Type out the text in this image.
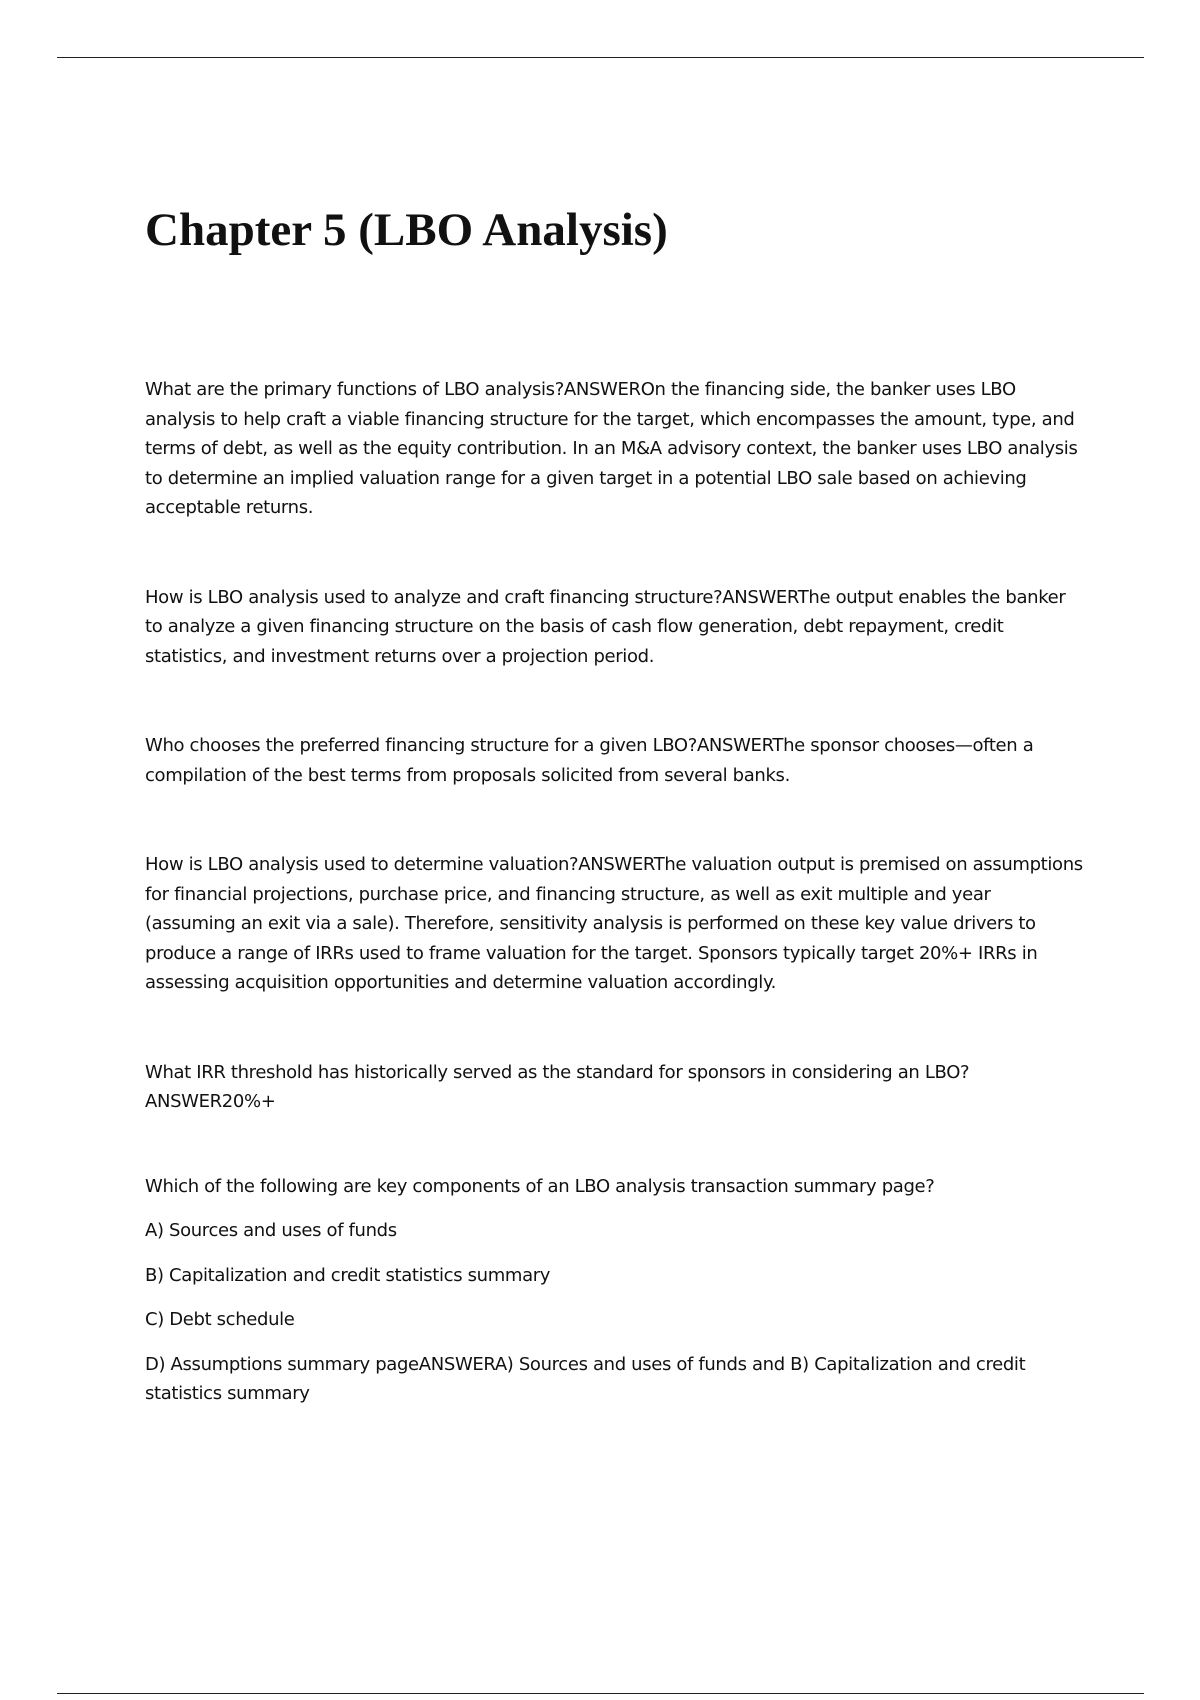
Chapter 5 (LBO Analysis)

What are the primary functions of LBO analysis?ANSWEROn the financing side, the banker uses LBO analysis to help craft a viable financing structure for the target, which encompasses the amount, type, and terms of debt, as well as the equity contribution. In an M&A advisory context, the banker uses LBO analysis to determine an implied valuation range for a given target in a potential LBO sale based on achieving acceptable returns.

How is LBO analysis used to analyze and craft financing structure?ANSWERThe output enables the banker to analyze a given financing structure on the basis of cash flow generation, debt repayment, credit statistics, and investment returns over a projection period.

Who chooses the preferred financing structure for a given LBO?ANSWERThe sponsor chooses—often a compilation of the best terms from proposals solicited from several banks.

How is LBO analysis used to determine valuation?ANSWERThe valuation output is premised on assumptions for financial projections, purchase price, and financing structure, as well as exit multiple and year (assuming an exit via a sale). Therefore, sensitivity analysis is performed on these key value drivers to produce a range of IRRs used to frame valuation for the target. Sponsors typically target 20%+ IRRs in assessing acquisition opportunities and determine valuation accordingly.

What IRR threshold has historically served as the standard for sponsors in considering an LBO?
ANSWER20%+

Which of the following are key components of an LBO analysis transaction summary page?

A) Sources and uses of funds

B) Capitalization and credit statistics summary

C) Debt schedule

D) Assumptions summary pageANSWERA) Sources and uses of funds and B) Capitalization and credit statistics summary
